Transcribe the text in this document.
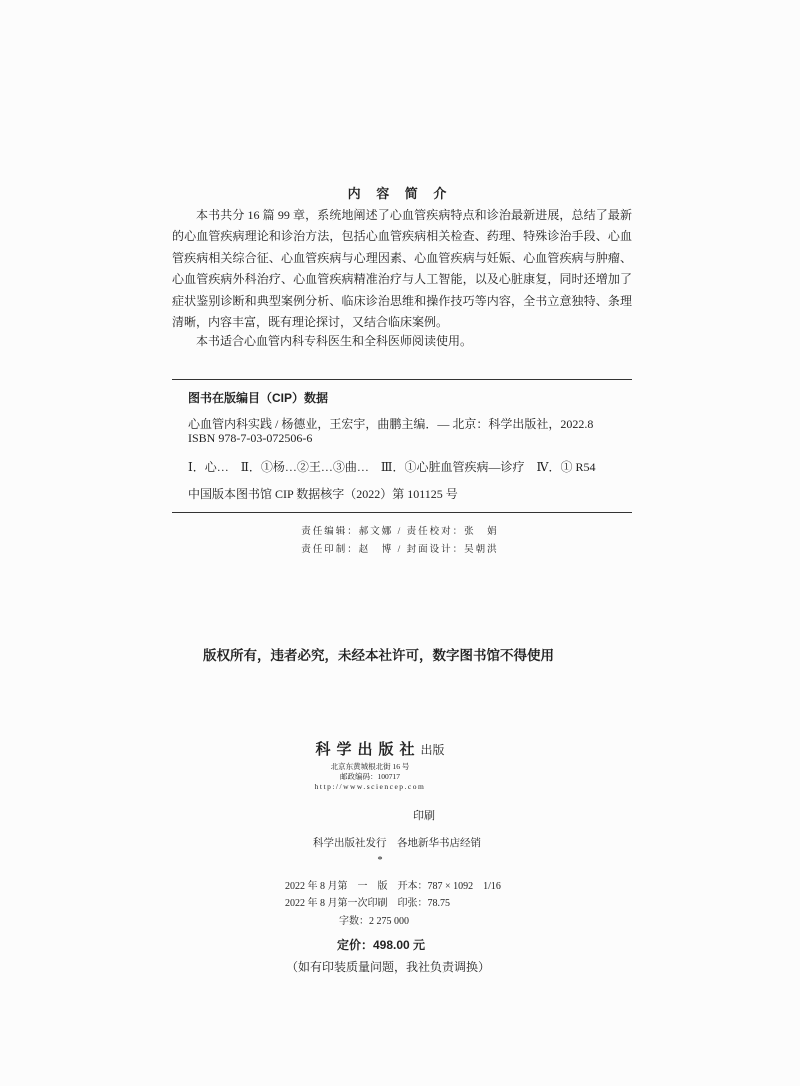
内 容 简 介
本书共分 16 篇 99 章，系统地阐述了心血管疾病特点和诊治最新进展，总结了最新
的心血管疾病理论和诊治方法，包括心血管疾病相关检查、药理、特殊诊治手段、心血
管疾病相关综合征、心血管疾病与心理因素、心血管疾病与妊娠、心血管疾病与肿瘤、
心血管疾病外科治疗、心血管疾病精准治疗与人工智能，以及心脏康复，同时还增加了
症状鉴别诊断和典型案例分析、临床诊治思维和操作技巧等内容，全书立意独特、条理
清晰，内容丰富，既有理论探讨，又结合临床案例。
本书适合心血管内科专科医生和全科医师阅读使用。
图书在版编目（CIP）数据
心血管内科实践 / 杨德业，王宏宇，曲鹏主编．— 北京：科学出版社，2022.8
ISBN 978-7-03-072506-6
Ⅰ．心…　Ⅱ．①杨…②王…③曲…　Ⅲ．①心脏血管疾病—诊疗　Ⅳ．① R54
中国版本图书馆 CIP 数据核字（2022）第 101125 号
责任编辑：郝文娜 / 责任校对：张　娟
责任印制：赵　博 / 封面设计：吴朝洪
版权所有，违者必究，未经本社许可，数字图书馆不得使用
科学出版社出版
北京东黄城根北街 16 号
邮政编码：100717
http://www.sciencep.com
印刷
科学出版社发行　各地新华书店经销
*
2022 年 8 月第　一　版　开本：787 × 1092　1/16
2022 年 8 月第一次印刷　印张：78.75
字数：2 275 000
定价：498.00 元
（如有印装质量问题，我社负责调换）
